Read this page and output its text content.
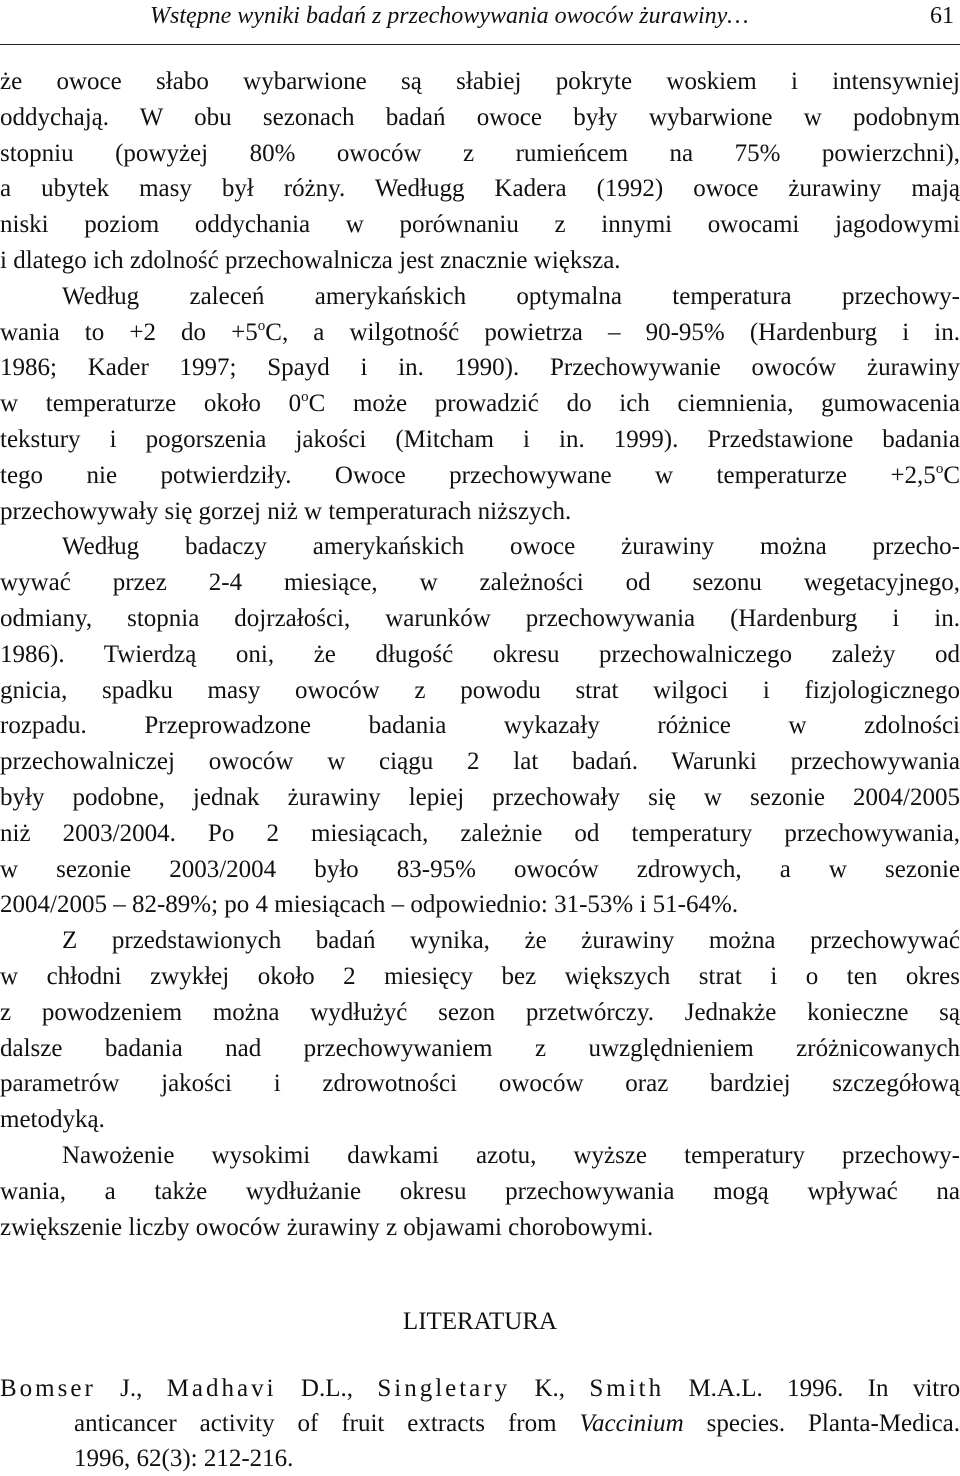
Wstępne wyniki badań z przechowywania owoców żurawiny…	61
że owoce słabo wybarwione są słabiej pokryte woskiem i intensywniej
oddychają. W obu sezonach badań owoce były wybarwione w podobnym
stopniu (powyżej 80% owoców z rumieńcem na 75% powierzchni),
a ubytek masy był różny. Wedługg Kadera (1992) owoce żurawiny mają
niski poziom oddychania w porównaniu z innymi owocami jagodowymi
i dlatego ich zdolność przechowalnicza jest znacznie większa.
Według zaleceń amerykańskich optymalna temperatura przechowy-
wania to +2 do $+5^oC$, a wilgotność powietrza – 90-95% (Hardenburg i in.
1986; Kader 1997; Spayd i in. 1990). Przechowywanie owoców żurawiny
w temperaturze około 0$^o$C może prowadzić do ich ciemnienia, gumowacenia
tekstury i pogorszenia jakości (Mitcham i in. 1999). Przedstawione badania
tego nie potwierdziły. Owoce przechowywane w temperaturze $+2,5^oC$
przechowywały się gorzej niż w temperaturach niższych.
Według badaczy amerykańskich owoce żurawiny można przecho-
wywać przez 2-4 miesiące, w zależności od sezonu wegetacyjnego,
odmiany, stopnia dojrzałości, warunków przechowywania (Hardenburg i in.
1986). Twierdzą oni, że długość okresu przechowalniczego zależy od
gnicia, spadku masy owoców z powodu strat wilgoci i fizjologicznego
rozpadu. Przeprowadzone badania wykazały różnice w zdolności
przechowalniczej owoców w ciągu 2 lat badań. Warunki przechowywania
były podobne, jednak żurawiny lepiej przechowały się w sezonie 2004/2005
niż 2003/2004. Po 2 miesiącach, zależnie od temperatury przechowywania,
w sezonie 2003/2004 było 83-95% owoców zdrowych, a w sezonie
2004/2005 – 82-89%; po 4 miesiącach – odpowiednio: 31-53% i 51-64%.
Z przedstawionych badań wynika, że żurawiny można przechowywać
w chłodni zwykłej około 2 miesięcy bez większych strat i o ten okres
z powodzeniem można wydłużyć sezon przetwórczy. Jednakże konieczne są
dalsze badania nad przechowywaniem z uwzględnieniem zróżnicowanych
parametrów jakości i zdrowotności owoców oraz bardziej szczegółową
metodyką.
Nawożenie wysokimi dawkami azotu, wyższe temperatury przechowy-
wania, a także wydłużanie okresu przechowywania mogą wpływać na
zwiększenie liczby owoców żurawiny z objawami chorobowymi.
LITERATURA
Bomser J., Madhavi D.L., Singletary K., Smith M.A.L. 1996. In vitro
anticancer activity of fruit extracts from Vaccinium species. Planta-Medica.
1996, 62(3): 212-216.
